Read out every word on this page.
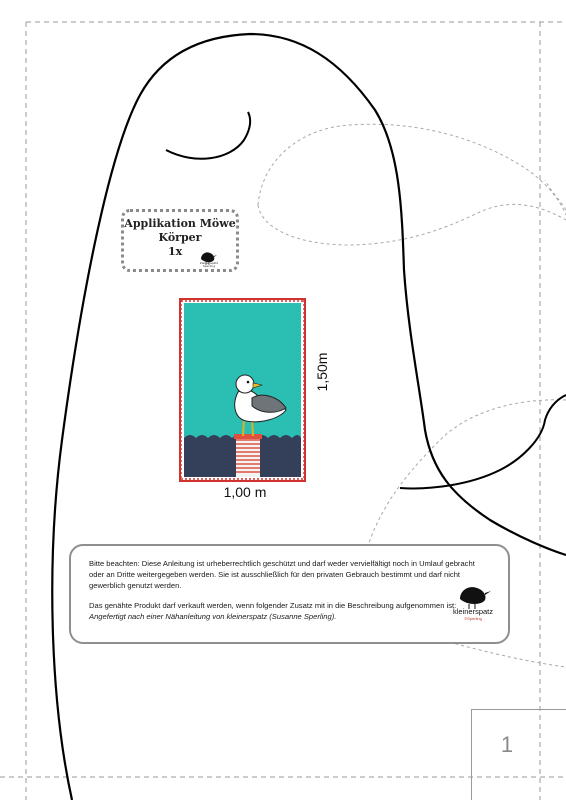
Applikation Möwe
Körper
1x
kleinerspatz Sperling
1,00 m
1,50m

Bitte beachten: Diese Anleitung ist urheberrechtlich geschützt und darf weder vervielfältigt noch in Umlauf gebracht oder an Dritte weitergegeben werden. Sie ist ausschließlich für den privaten Gebrauch bestimmt und darf nicht gewerblich genutzt werden.

Das genähte Produkt darf verkauft werden, wenn folgender Zusatz mit in die Beschreibung aufgenommen ist: Angefertigt nach einer Nähanleitung von kleinerspatz (Susanne Sperling).

kleinerspatz
©Sperling
1
